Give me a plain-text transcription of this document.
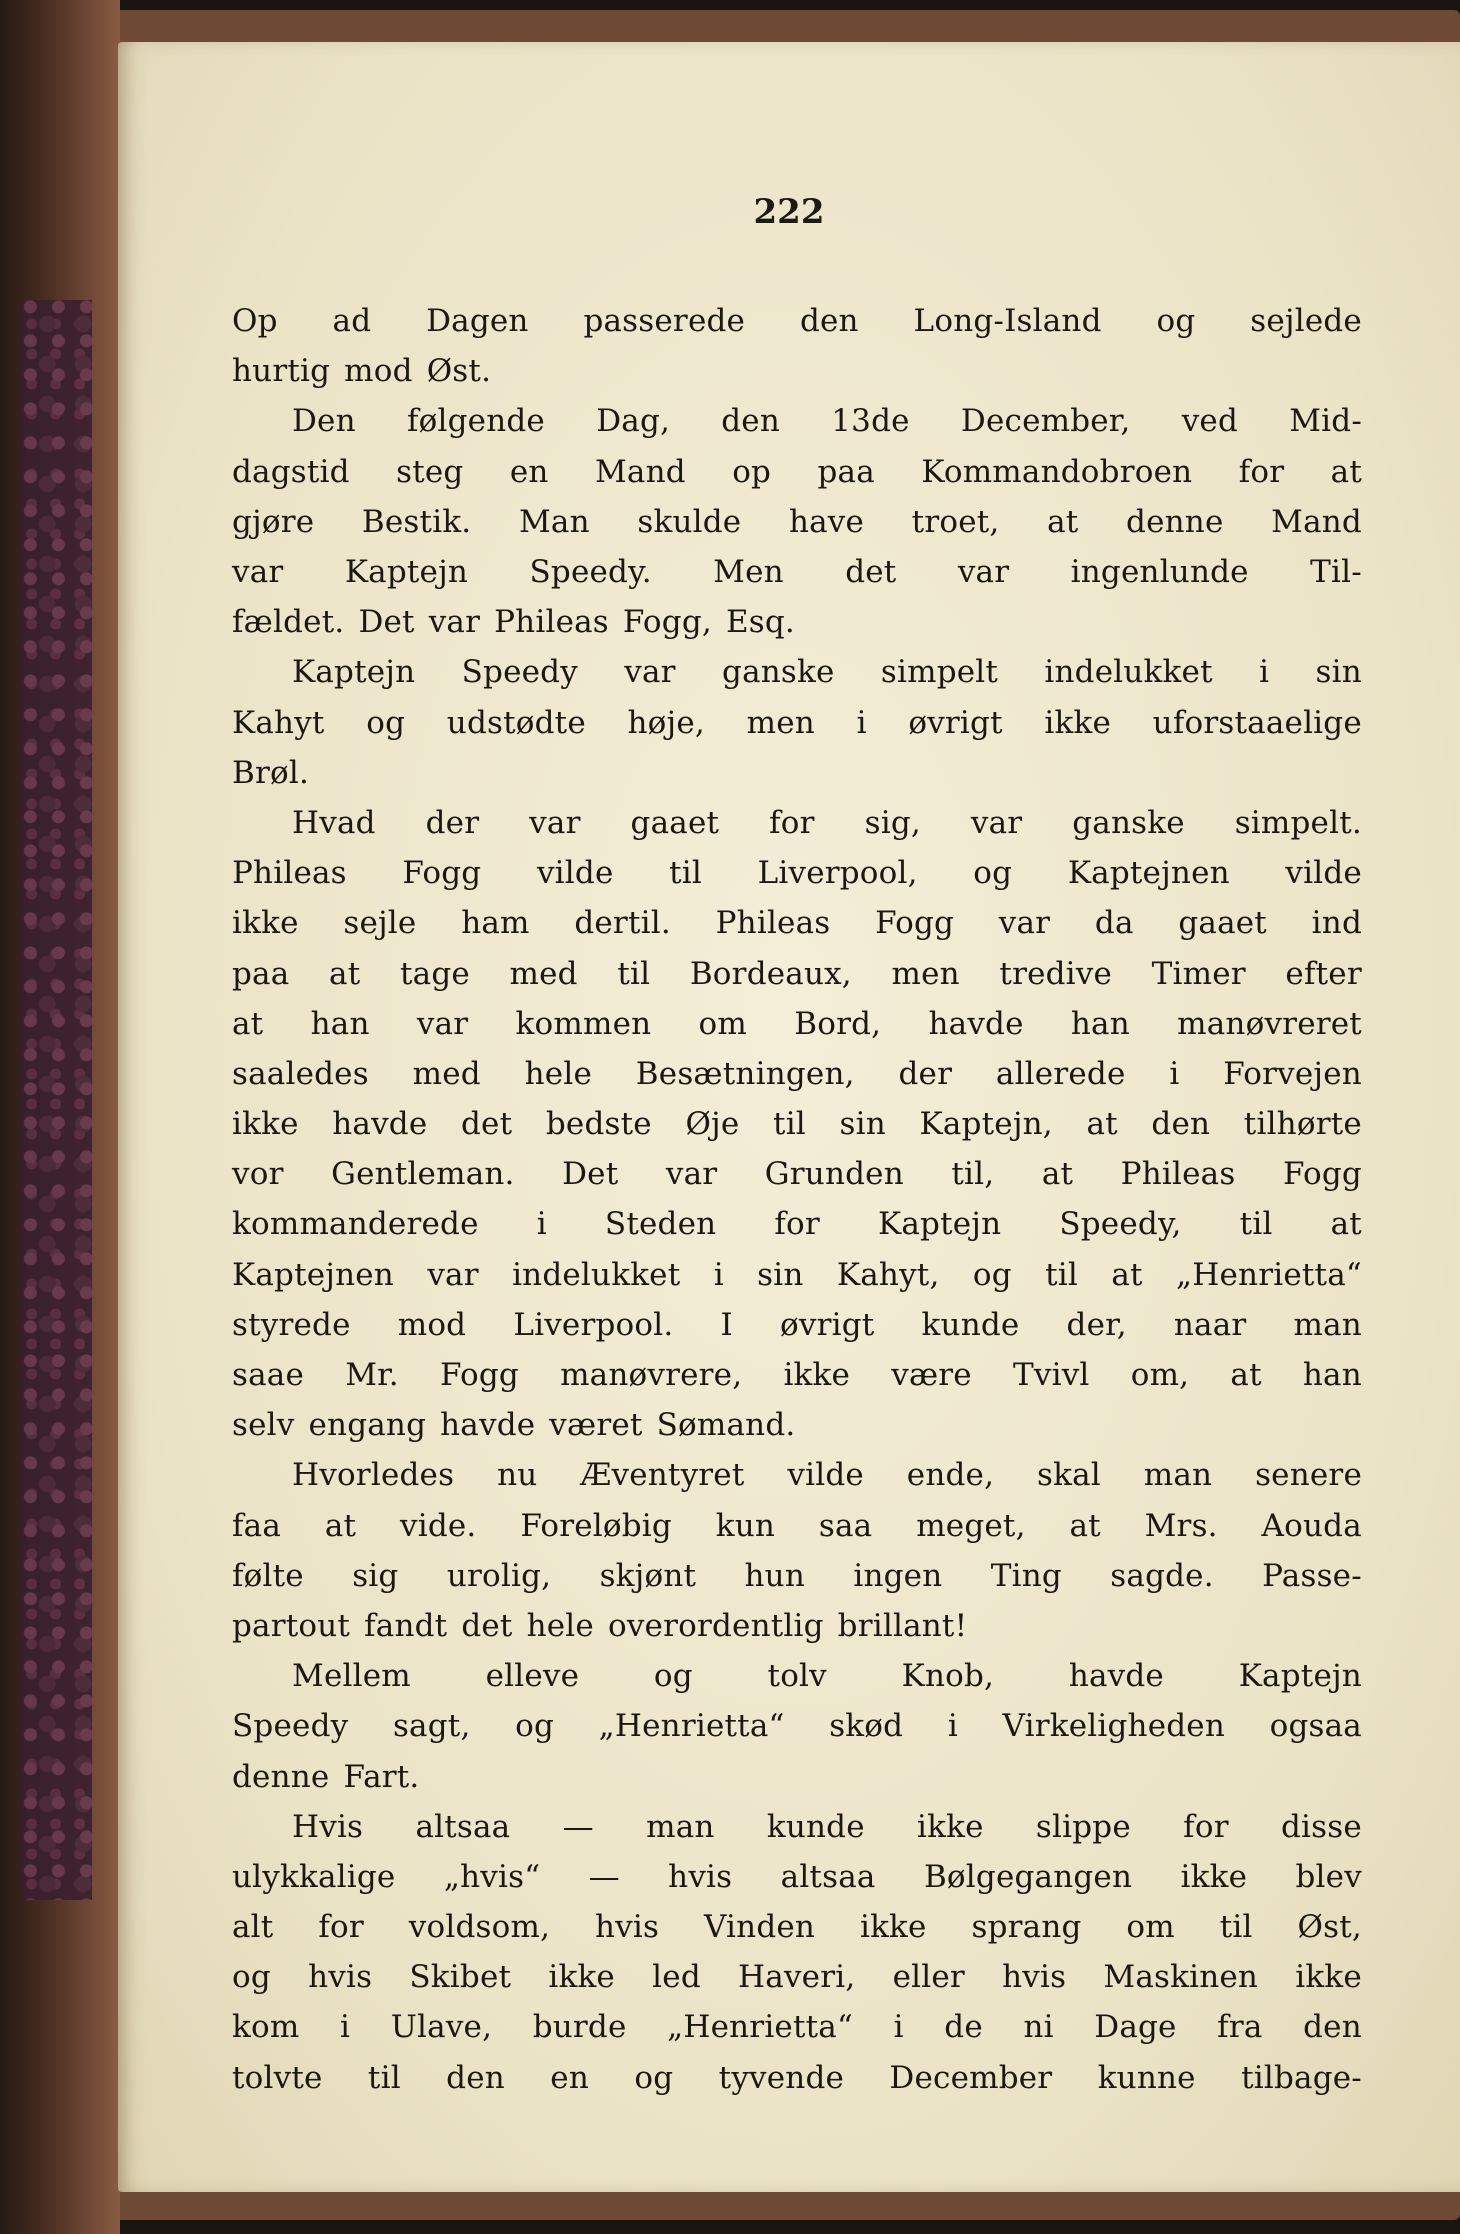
222
Op ad Dagen passerede den Long-Island og sejlede
hurtig mod Øst.
Den følgende Dag, den 13de December, ved Mid-
dagstid steg en Mand op paa Kommandobroen for at
gjøre Bestik. Man skulde have troet, at denne Mand
var Kaptejn Speedy. Men det var ingenlunde Til-
fældet. Det var Phileas Fogg, Esq.
Kaptejn Speedy var ganske simpelt indelukket i sin
Kahyt og udstødte høje, men i øvrigt ikke uforstaaelige
Brøl.
Hvad der var gaaet for sig, var ganske simpelt.
Phileas Fogg vilde til Liverpool, og Kaptejnen vilde
ikke sejle ham dertil. Phileas Fogg var da gaaet ind
paa at tage med til Bordeaux, men tredive Timer efter
at han var kommen om Bord, havde han manøvreret
saaledes med hele Besætningen, der allerede i Forvejen
ikke havde det bedste Øje til sin Kaptejn, at den tilhørte
vor Gentleman. Det var Grunden til, at Phileas Fogg
kommanderede i Steden for Kaptejn Speedy, til at
Kaptejnen var indelukket i sin Kahyt, og til at „Henrietta“
styrede mod Liverpool. I øvrigt kunde der, naar man
saae Mr. Fogg manøvrere, ikke være Tvivl om, at han
selv engang havde været Sømand.
Hvorledes nu Æventyret vilde ende, skal man senere
faa at vide. Foreløbig kun saa meget, at Mrs. Aouda
følte sig urolig, skjønt hun ingen Ting sagde. Passe-
partout fandt det hele overordentlig brillant!
Mellem elleve og tolv Knob, havde Kaptejn
Speedy sagt, og „Henrietta“ skød i Virkeligheden ogsaa
denne Fart.
Hvis altsaa — man kunde ikke slippe for disse
ulykkalige „hvis“ — hvis altsaa Bølgegangen ikke blev
alt for voldsom, hvis Vinden ikke sprang om til Øst,
og hvis Skibet ikke led Haveri, eller hvis Maskinen ikke
kom i Ulave, burde „Henrietta“ i de ni Dage fra den
tolvte til den en og tyvende December kunne tilbage-
